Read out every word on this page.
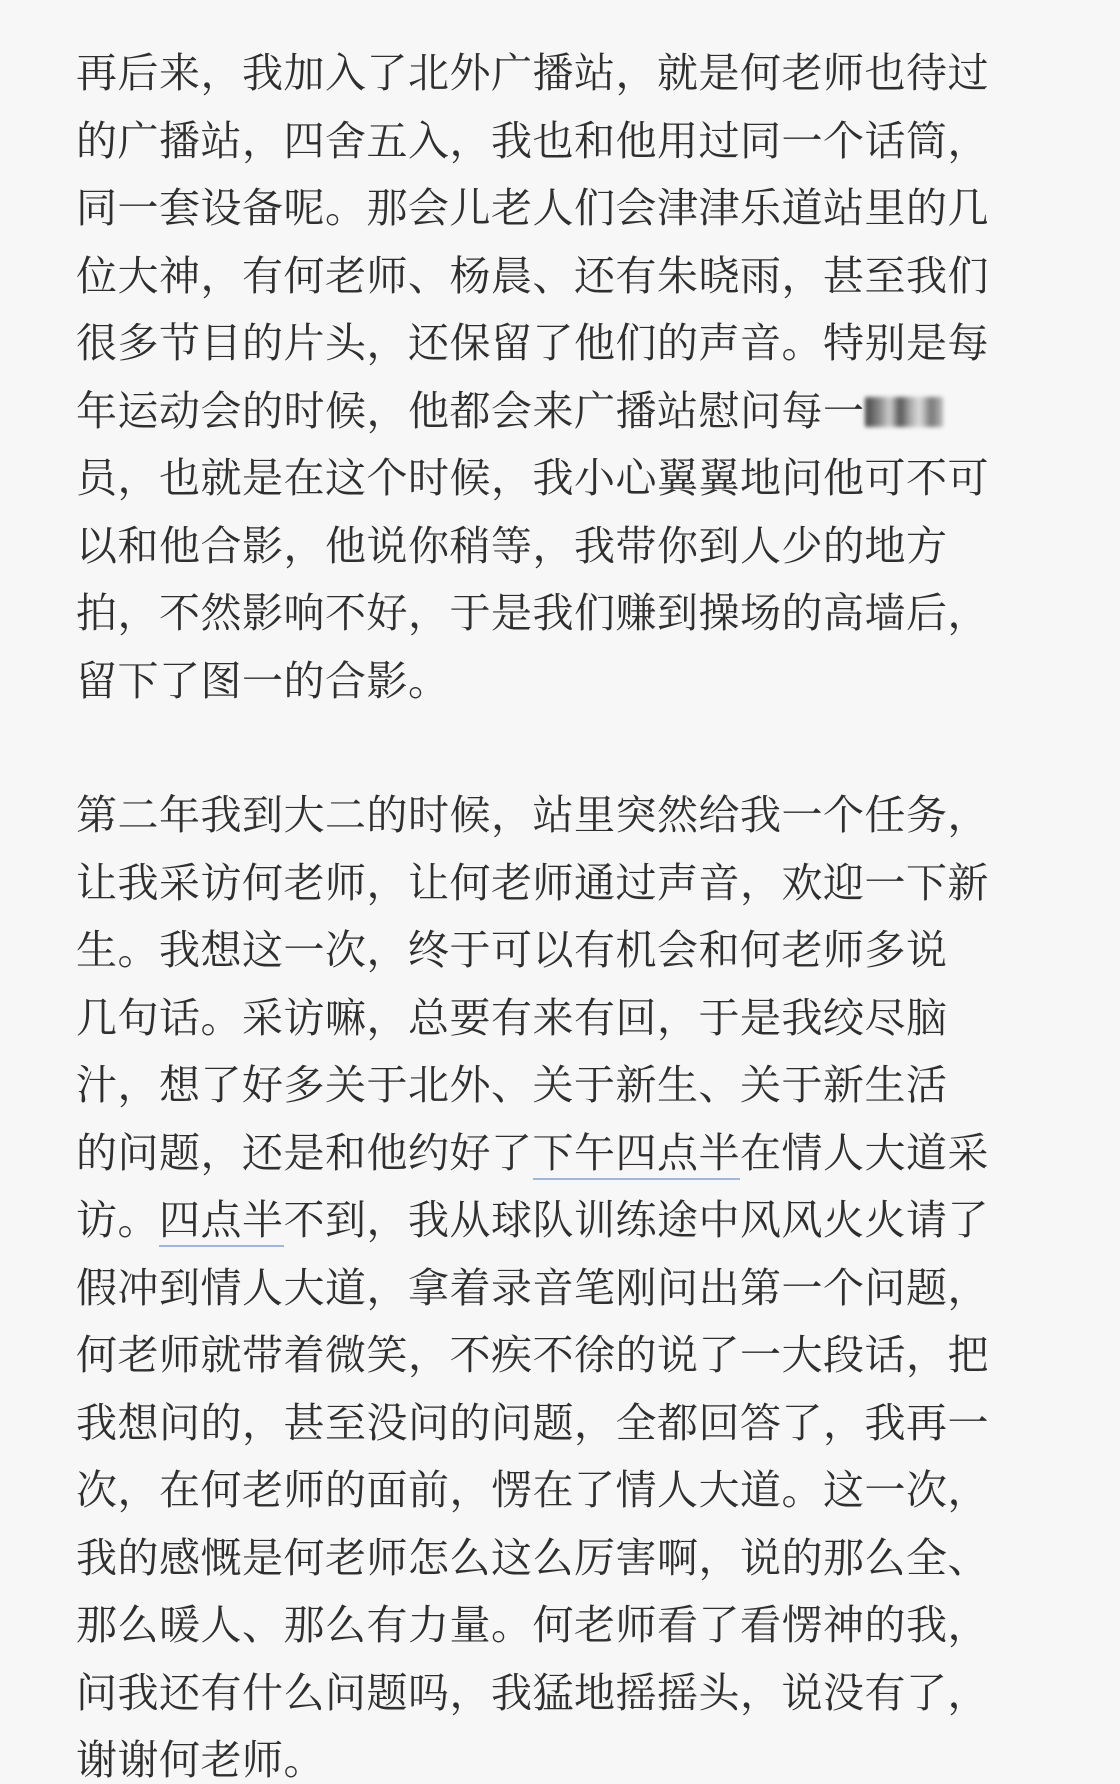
再后来，我加入了北外广播站，就是何老师也待过
的广播站，四舍五入，我也和他用过同一个话筒，
同一套设备呢。那会儿老人们会津津乐道站里的几
位大神，有何老师、杨晨、还有朱晓雨，甚至我们
很多节目的片头，还保留了他们的声音。特别是每
年运动会的时候，他都会来广播站慰问每一
员，也就是在这个时候，我小心翼翼地问他可不可
以和他合影，他说你稍等，我带你到人少的地方
拍，不然影响不好，于是我们赚到操场的高墙后，
留下了图一的合影。
第二年我到大二的时候，站里突然给我一个任务，
让我采访何老师，让何老师通过声音，欢迎一下新
生。我想这一次，终于可以有机会和何老师多说
几句话。采访嘛，总要有来有回，于是我绞尽脑
汁，想了好多关于北外、关于新生、关于新生活
的问题，还是和他约好了下午四点半在情人大道采
访。四点半不到，我从球队训练途中风风火火请了
假冲到情人大道，拿着录音笔刚问出第一个问题，
何老师就带着微笑，不疾不徐的说了一大段话，把
我想问的，甚至没问的问题，全都回答了，我再一
次，在何老师的面前，愣在了情人大道。这一次，
我的感慨是何老师怎么这么厉害啊，说的那么全、
那么暖人、那么有力量。何老师看了看愣神的我，
问我还有什么问题吗，我猛地摇摇头，说没有了，
谢谢何老师。
